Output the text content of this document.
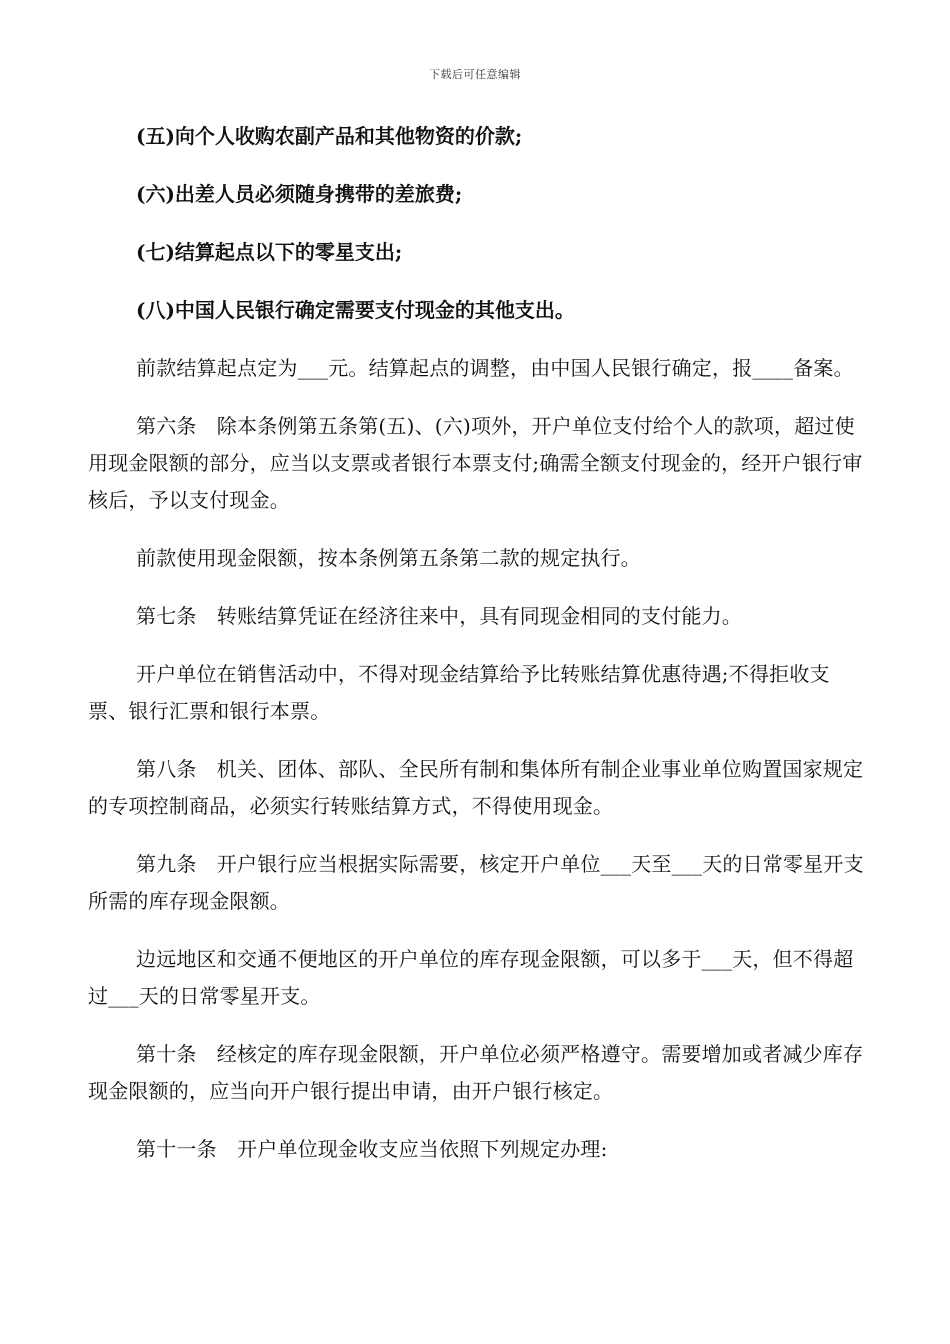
下载后可任意编辑

(五)向个人收购农副产品和其他物资的价款;

(六)出差人员必须随身携带的差旅费;

(七)结算起点以下的零星支出;

(八)中国人民银行确定需要支付现金的其他支出。

前款结算起点定为___元。结算起点的调整，由中国人民银行确定，报____备案。

第六条　除本条例第五条第(五)、(六)项外，开户单位支付给个人的款项，超过使用现金限额的部分，应当以支票或者银行本票支付;确需全额支付现金的，经开户银行审核后，予以支付现金。

前款使用现金限额，按本条例第五条第二款的规定执行。

第七条　转账结算凭证在经济往来中，具有同现金相同的支付能力。

开户单位在销售活动中，不得对现金结算给予比转账结算优惠待遇;不得拒收支票、银行汇票和银行本票。

第八条　机关、团体、部队、全民所有制和集体所有制企业事业单位购置国家规定的专项控制商品，必须实行转账结算方式，不得使用现金。

第九条　开户银行应当根据实际需要，核定开户单位___天至___天的日常零星开支所需的库存现金限额。

边远地区和交通不便地区的开户单位的库存现金限额，可以多于___天，但不得超过___天的日常零星开支。

第十条　经核定的库存现金限额，开户单位必须严格遵守。需要增加或者减少库存现金限额的，应当向开户银行提出申请，由开户银行核定。

第十一条　开户单位现金收支应当依照下列规定办理:
